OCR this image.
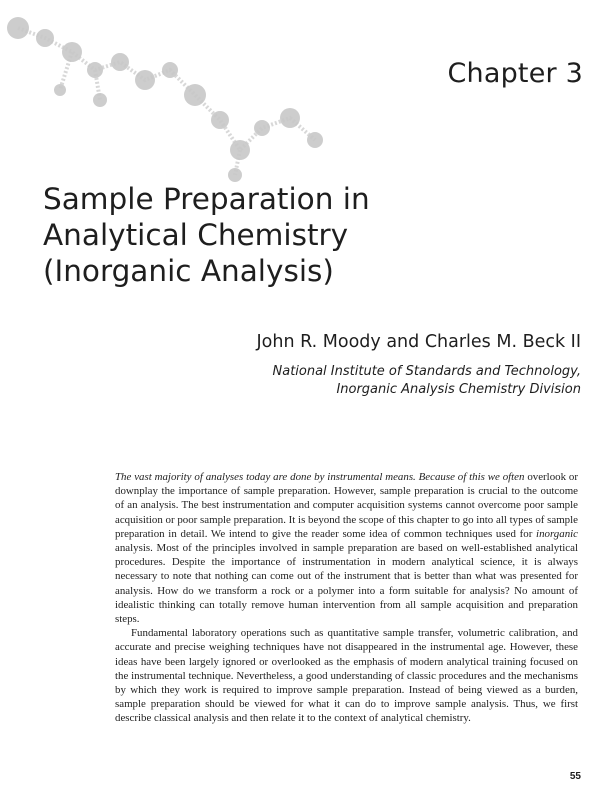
Chapter 3
Sample Preparation in
Analytical Chemistry
(Inorganic Analysis)
John R. Moody and Charles M. Beck II
National Institute of Standards and Technology,
Inorganic Analysis Chemistry Division

The vast majority of analyses today are done by instrumental means. Because of this we often overlook or downplay the importance of sample preparation. However, sample preparation is crucial to the outcome of an analysis. The best instrumentation and computer acquisition systems cannot overcome poor sample acquisition or poor sample preparation. It is beyond the scope of this chapter to go into all types of sample preparation in detail. We intend to give the reader some idea of common techniques used for inorganic analysis. Most of the principles involved in sample preparation are based on well-established analytical procedures. Despite the importance of instrumentation in modern analytical science, it is always necessary to note that nothing can come out of the instrument that is better than what was presented for analysis. How do we transform a rock or a polymer into a form suitable for analysis? No amount of idealistic thinking can totally remove human intervention from all sample acquisition and preparation steps.

Fundamental laboratory operations such as quantitative sample transfer, volumetric calibration, and accurate and precise weighing techniques have not disappeared in the instrumental age. However, these ideas have been largely ignored or overlooked as the emphasis of modern analytical training focused on the instrumental technique. Nevertheless, a good understanding of classic procedures and the mechanisms by which they work is required to improve sample preparation. Instead of being viewed as a burden, sample preparation should be viewed for what it can do to improve sample analysis. Thus, we first describe classical analysis and then relate it to the context of analytical chemistry.

55
